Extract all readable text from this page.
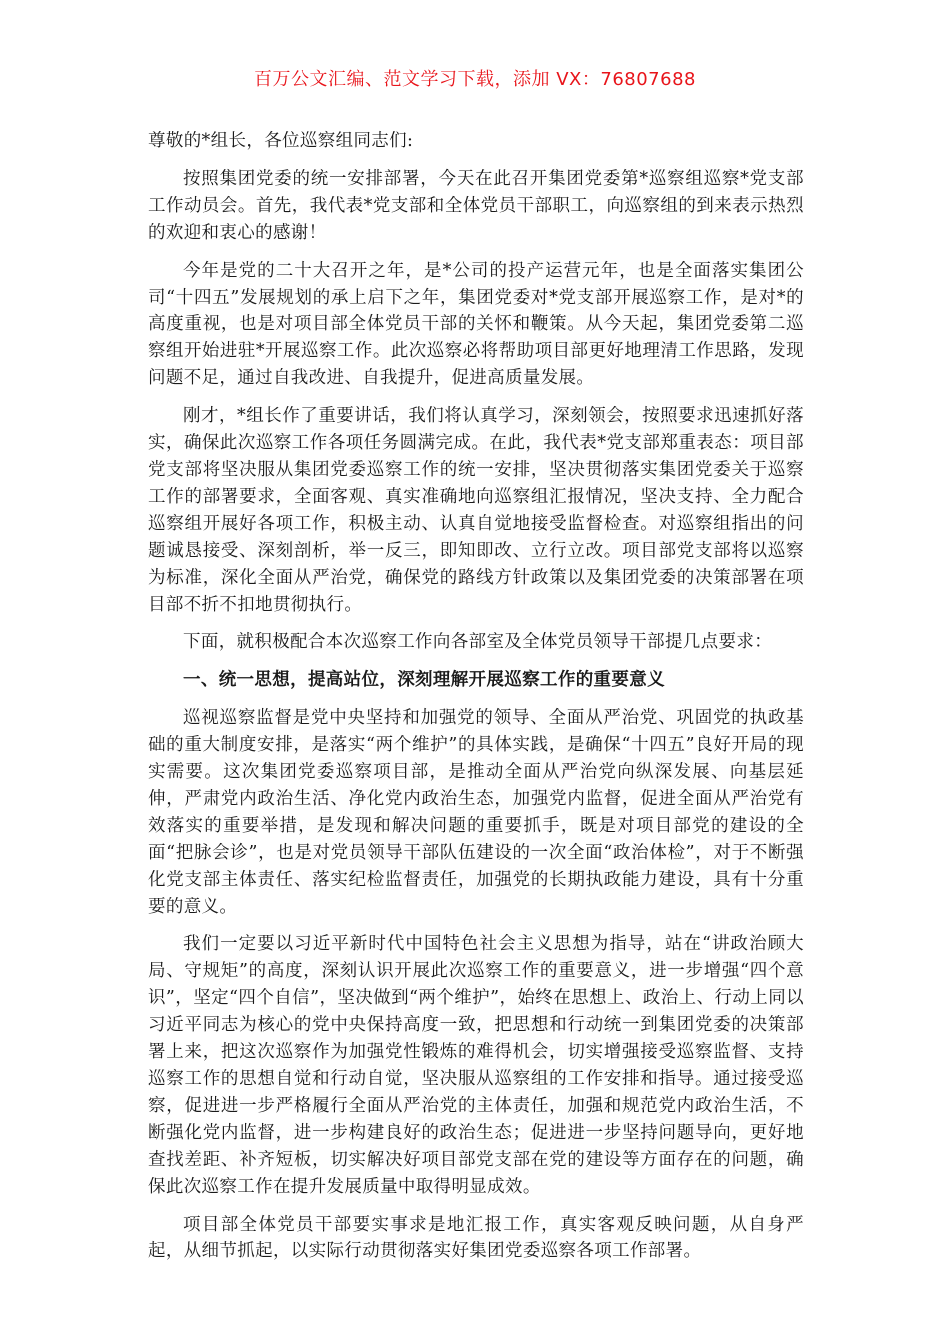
百万公文汇编、范文学习下载，添加 VX：76807688

尊敬的*组长，各位巡察组同志们:

按照集团党委的统一安排部署，今天在此召开集团党委第*巡察组巡察*党支部工作动员会。首先，我代表*党支部和全体党员干部职工，向巡察组的到来表示热烈的欢迎和衷心的感谢！

今年是党的二十大召开之年，是*公司的投产运营元年，也是全面落实集团公司“十四五”发展规划的承上启下之年，集团党委对*党支部开展巡察工作，是对*的高度重视，也是对项目部全体党员干部的关怀和鞭策。从今天起，集团党委第二巡察组开始进驻*开展巡察工作。此次巡察必将帮助项目部更好地理清工作思路，发现问题不足，通过自我改进、自我提升，促进高质量发展。

刚才，*组长作了重要讲话，我们将认真学习，深刻领会，按照要求迅速抓好落实，确保此次巡察工作各项任务圆满完成。在此，我代表*党支部郑重表态：项目部党支部将坚决服从集团党委巡察工作的统一安排，坚决贯彻落实集团党委关于巡察工作的部署要求，全面客观、真实准确地向巡察组汇报情况，坚决支持、全力配合巡察组开展好各项工作，积极主动、认真自觉地接受监督检查。对巡察组指出的问题诚恳接受、深刻剖析，举一反三，即知即改、立行立改。项目部党支部将以巡察为标准，深化全面从严治党，确保党的路线方针政策以及集团党委的决策部署在项目部不折不扣地贯彻执行。

下面，就积极配合本次巡察工作向各部室及全体党员领导干部提几点要求：

一、统一思想，提高站位，深刻理解开展巡察工作的重要意义

巡视巡察监督是党中央坚持和加强党的领导、全面从严治党、巩固党的执政基础的重大制度安排，是落实“两个维护”的具体实践，是确保“十四五”良好开局的现实需要。这次集团党委巡察项目部，是推动全面从严治党向纵深发展、向基层延伸，严肃党内政治生活、净化党内政治生态，加强党内监督，促进全面从严治党有效落实的重要举措，是发现和解决问题的重要抓手，既是对项目部党的建设的全面“把脉会诊”，也是对党员领导干部队伍建设的一次全面“政治体检”，对于不断强化党支部主体责任、落实纪检监督责任，加强党的长期执政能力建设，具有十分重要的意义。

我们一定要以习近平新时代中国特色社会主义思想为指导，站在“讲政治顾大局、守规矩”的高度，深刻认识开展此次巡察工作的重要意义，进一步增强“四个意识”，坚定“四个自信”，坚决做到“两个维护”，始终在思想上、政治上、行动上同以习近平同志为核心的党中央保持高度一致，把思想和行动统一到集团党委的决策部署上来，把这次巡察作为加强党性锻炼的难得机会，切实增强接受巡察监督、支持巡察工作的思想自觉和行动自觉，坚决服从巡察组的工作安排和指导。通过接受巡察，促进进一步严格履行全面从严治党的主体责任，加强和规范党内政治生活，不断强化党内监督，进一步构建良好的政治生态；促进进一步坚持问题导向，更好地查找差距、补齐短板，切实解决好项目部党支部在党的建设等方面存在的问题，确保此次巡察工作在提升发展质量中取得明显成效。

项目部全体党员干部要实事求是地汇报工作，真实客观反映问题，从自身严起，从细节抓起，以实际行动贯彻落实好集团党委巡察各项工作部署。
